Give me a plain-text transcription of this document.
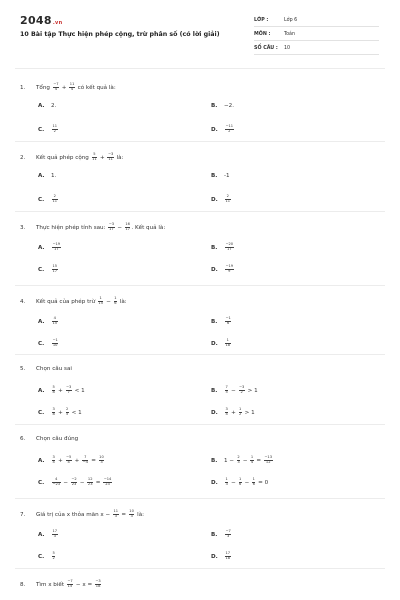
2048.vn
10 Bài tập Thực hiện phép cộng, trừ phân số (có lời giải)
LỚP :	Lớp 6
MÔN :	Toán
SỐ CÂU :	10
1. Tổng $\frac{-7}{4} + \frac{11}{4}$ có kết quả là:
A. 2.	B. −2.
C. $\frac{11}{2}$	D. $\frac{-11}{2}$
2. Kết quả phép cộng $\frac{5}{11} + \frac{-3}{11}$ là:
A. 1.	B. -1
C. $\frac{2}{11}$	D. $\frac{2}{11}$
3. Thực hiện phép tính sau: $\frac{-3}{17} - \frac{16}{17}$ . Kết quả là:
A. $\frac{-19}{17}$	B. $\frac{-20}{17}$
C. $\frac{15}{17}$	D. $\frac{-19}{9}$
4. Kết quả của phép trừ $\frac{1}{15} - \frac{1}{6}$ là:
A. $\frac{4}{15}$	B. $\frac{-1}{6}$
C. $\frac{-1}{10}$	D. $\frac{1}{18}$
5. Chọn câu sai
A. $\frac{5}{8} + \frac{-3}{7} < 1$	B. $\frac{7}{5} - \frac{-3}{2} > 1$
C. $\frac{3}{8} + \frac{2}{5} < 1$	D. $\frac{3}{4} + \frac{1}{2} > 1$
6. Chọn câu đúng
A. $\frac{3}{4} + \frac{-5}{4} + \frac{7}{-4} = \frac{10}{3}$	B. $1 - \frac{2}{3} - \frac{1}{4} = \frac{-13}{12}$
C. $\frac{4}{-23} - \frac{-2}{23} - \frac{12}{23} = \frac{-14}{23}$	D. $\frac{1}{3} - \frac{1}{6} - \frac{1}{6} = 0$
7. Giá trị của x thỏa mãn $x - \frac{11}{3} = \frac{10}{3}$ là:
A. $\frac{17}{3}$	B. $\frac{-7}{3}$
C. $\frac{5}{2}$	D. $\frac{17}{18}$
8. Tìm x biết $\frac{-7}{15} - x = \frac{-3}{18}$
